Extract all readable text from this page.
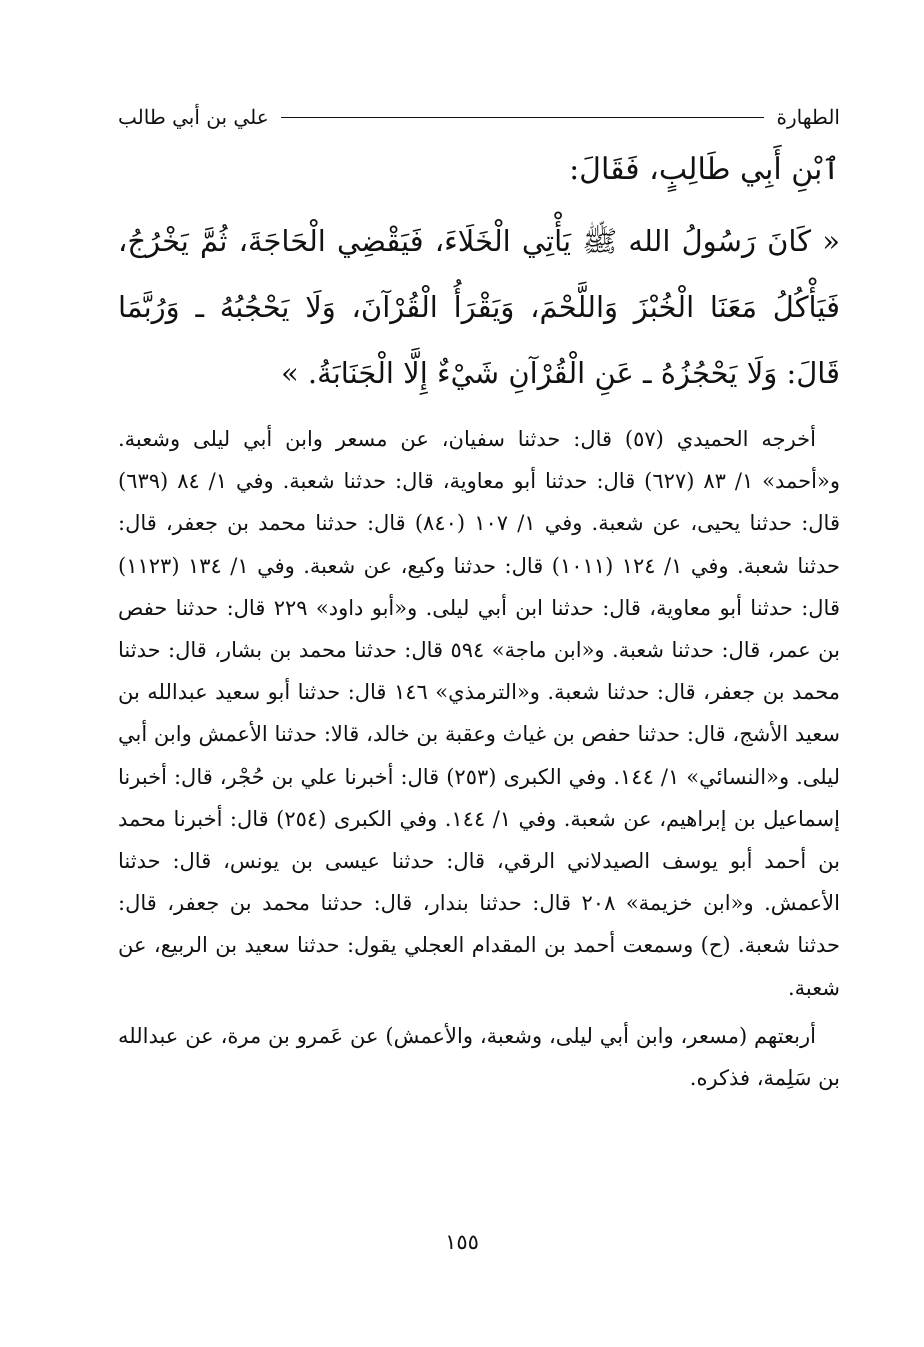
الطهارة
علي بن أبي طالب
ٱبْنِ أَبِي طَالِبٍ، فَقَالَ:
« كَانَ رَسُولُ الله ﷺ يَأْتِي الْخَلَاءَ، فَيَقْضِي الْحَاجَةَ، ثُمَّ يَخْرُجُ، فَيَأْكُلُ مَعَنَا الْخُبْزَ وَاللَّحْمَ، وَيَقْرَأُ الْقُرْآنَ، وَلَا يَحْجُبُهُ ـ وَرُبَّمَا قَالَ: وَلَا يَحْجُزُهُ ـ عَنِ الْقُرْآنِ شَيْءٌ إِلَّا الْجَنَابَةُ. »
أخرجه الحميدي (٥٧) قال: حدثنا سفيان، عن مسعر وابن أبي ليلى وشعبة. و«أحمد» ١/ ٨٣ (٦٢٧) قال: حدثنا أبو معاوية، قال: حدثنا شعبة. وفي ١/ ٨٤ (٦٣٩) قال: حدثنا يحيى، عن شعبة. وفي ١/ ١٠٧ (٨٤٠) قال: حدثنا محمد بن جعفر، قال: حدثنا شعبة. وفي ١/ ١٢٤ (١٠١١) قال: حدثنا وكيع، عن شعبة. وفي ١/ ١٣٤ (١١٢٣) قال: حدثنا أبو معاوية، قال: حدثنا ابن أبي ليلى. و«أبو داود» ٢٢٩ قال: حدثنا حفص بن عمر، قال: حدثنا شعبة. و«ابن ماجة» ٥٩٤ قال: حدثنا محمد بن بشار، قال: حدثنا محمد بن جعفر، قال: حدثنا شعبة. و«الترمذي» ١٤٦ قال: حدثنا أبو سعيد عبدالله بن سعيد الأشج، قال: حدثنا حفص بن غياث وعقبة بن خالد، قالا: حدثنا الأعمش وابن أبي ليلى. و«النسائي» ١/ ١٤٤. وفي الكبرى (٢٥٣) قال: أخبرنا علي بن حُجْر، قال: أخبرنا إسماعيل بن إبراهيم، عن شعبة. وفي ١/ ١٤٤. وفي الكبرى (٢٥٤) قال: أخبرنا محمد بن أحمد أبو يوسف الصيدلاني الرقي، قال: حدثنا عيسى بن يونس، قال: حدثنا الأعمش. و«ابن خزيمة» ٢٠٨ قال: حدثنا بندار، قال: حدثنا محمد بن جعفر، قال: حدثنا شعبة. (ح) وسمعت أحمد بن المقدام العجلي يقول: حدثنا سعيد بن الربيع، عن شعبة.
أربعتهم (مسعر، وابن أبي ليلى، وشعبة، والأعمش) عن عَمرو بن مرة، عن عبدالله بن سَلِمة، فذكره.
١٥٥
